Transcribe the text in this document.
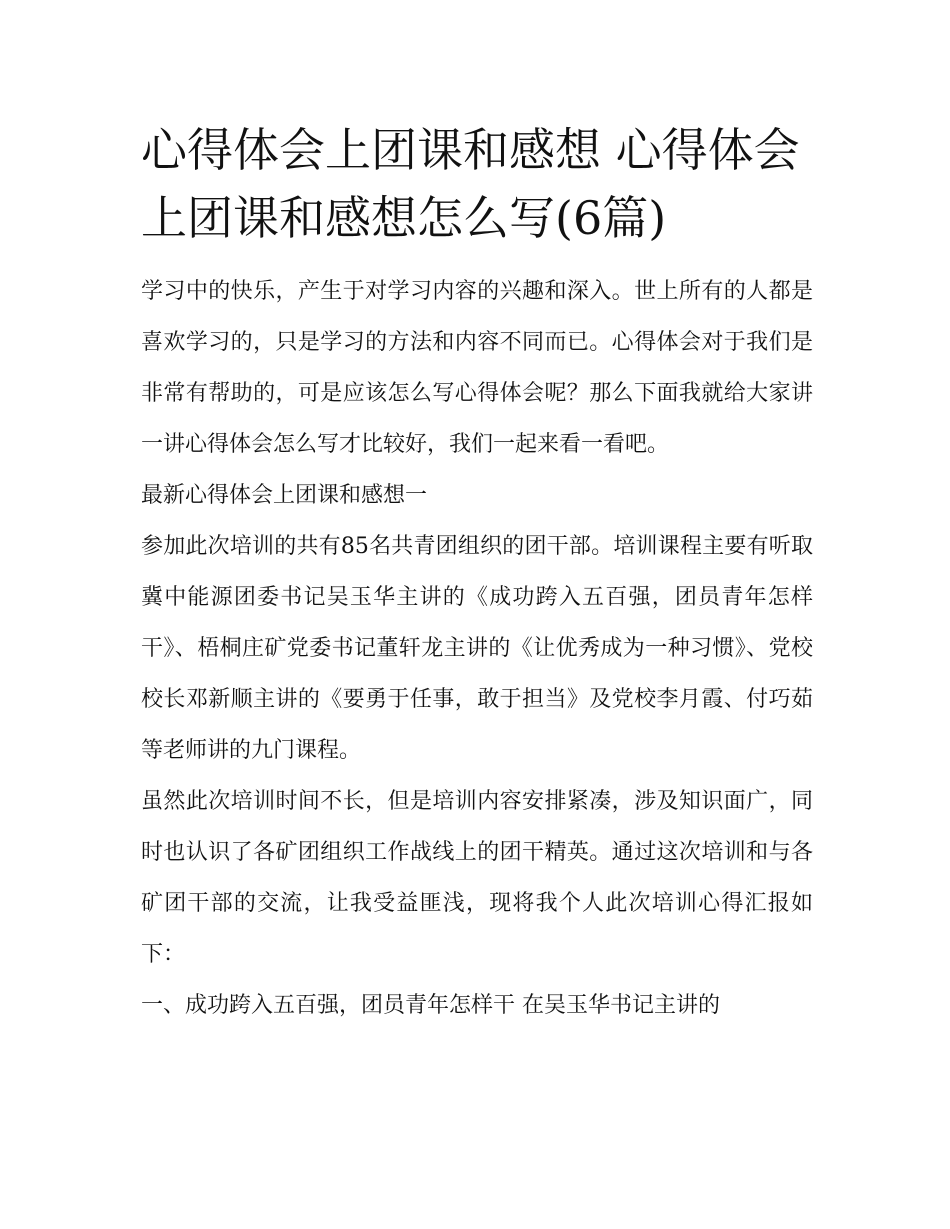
心得体会上团课和感想 心得体会上团课和感想怎么写(6篇)

学习中的快乐，产生于对学习内容的兴趣和深入。世上所有的人都是喜欢学习的，只是学习的方法和内容不同而已。心得体会对于我们是非常有帮助的，可是应该怎么写心得体会呢？那么下面我就给大家讲一讲心得体会怎么写才比较好，我们一起来看一看吧。

最新心得体会上团课和感想一

参加此次培训的共有85名共青团组织的团干部。培训课程主要有听取冀中能源团委书记吴玉华主讲的《成功跨入五百强，团员青年怎样干》、梧桐庄矿党委书记董轩龙主讲的《让优秀成为一种习惯》、党校校长邓新顺主讲的《要勇于任事，敢于担当》及党校李月霞、付巧茹等老师讲的九门课程。

虽然此次培训时间不长，但是培训内容安排紧凑，涉及知识面广，同时也认识了各矿团组织工作战线上的团干精英。通过这次培训和与各矿团干部的交流，让我受益匪浅，现将我个人此次培训心得汇报如下：

一、成功跨入五百强，团员青年怎样干 在吴玉华书记主讲的
